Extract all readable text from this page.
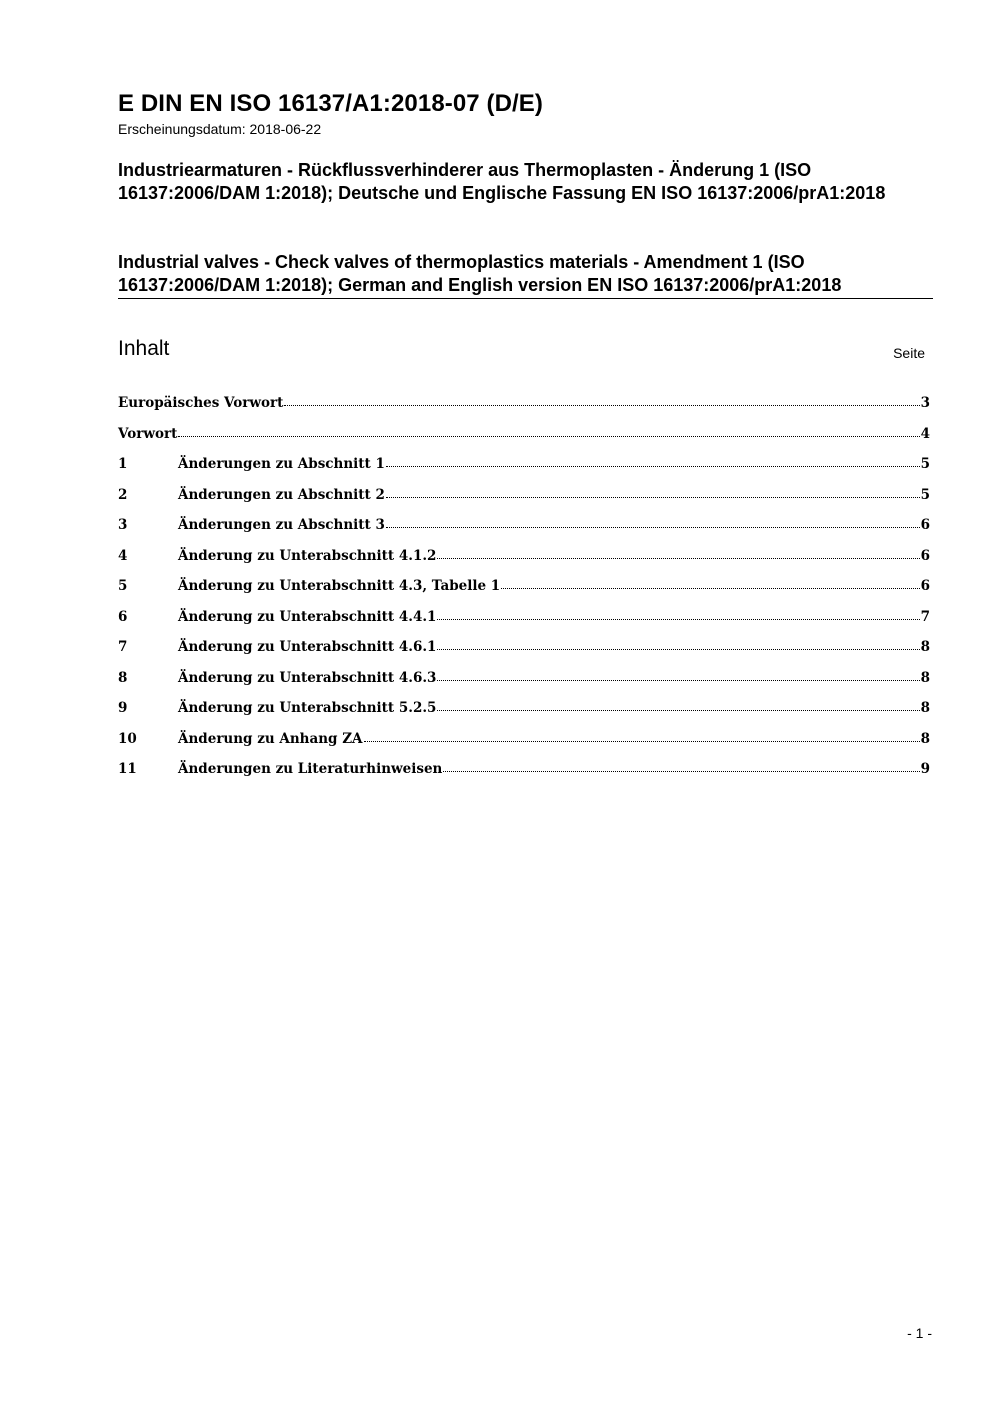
E DIN EN ISO 16137/A1:2018-07 (D/E)
Erscheinungsdatum: 2018-06-22
Industriearmaturen - Rückflussverhinderer aus Thermoplasten - Änderung 1 (ISO 16137:2006/DAM 1:2018); Deutsche und Englische Fassung EN ISO 16137:2006/prA1:2018
Industrial valves - Check valves of thermoplastics materials - Amendment 1 (ISO 16137:2006/DAM 1:2018); German and English version EN ISO 16137:2006/prA1:2018
Inhalt	Seite
Europäisches Vorwort	3
Vorwort	4
1	Änderungen zu Abschnitt 1	5
2	Änderungen zu Abschnitt 2	5
3	Änderungen zu Abschnitt 3	6
4	Änderung zu Unterabschnitt 4.1.2	6
5	Änderung zu Unterabschnitt 4.3, Tabelle 1	6
6	Änderung zu Unterabschnitt 4.4.1	7
7	Änderung zu Unterabschnitt 4.6.1	8
8	Änderung zu Unterabschnitt 4.6.3	8
9	Änderung zu Unterabschnitt 5.2.5	8
10	Änderung zu Anhang ZA	8
11	Änderungen zu Literaturhinweisen	9
- 1 -
